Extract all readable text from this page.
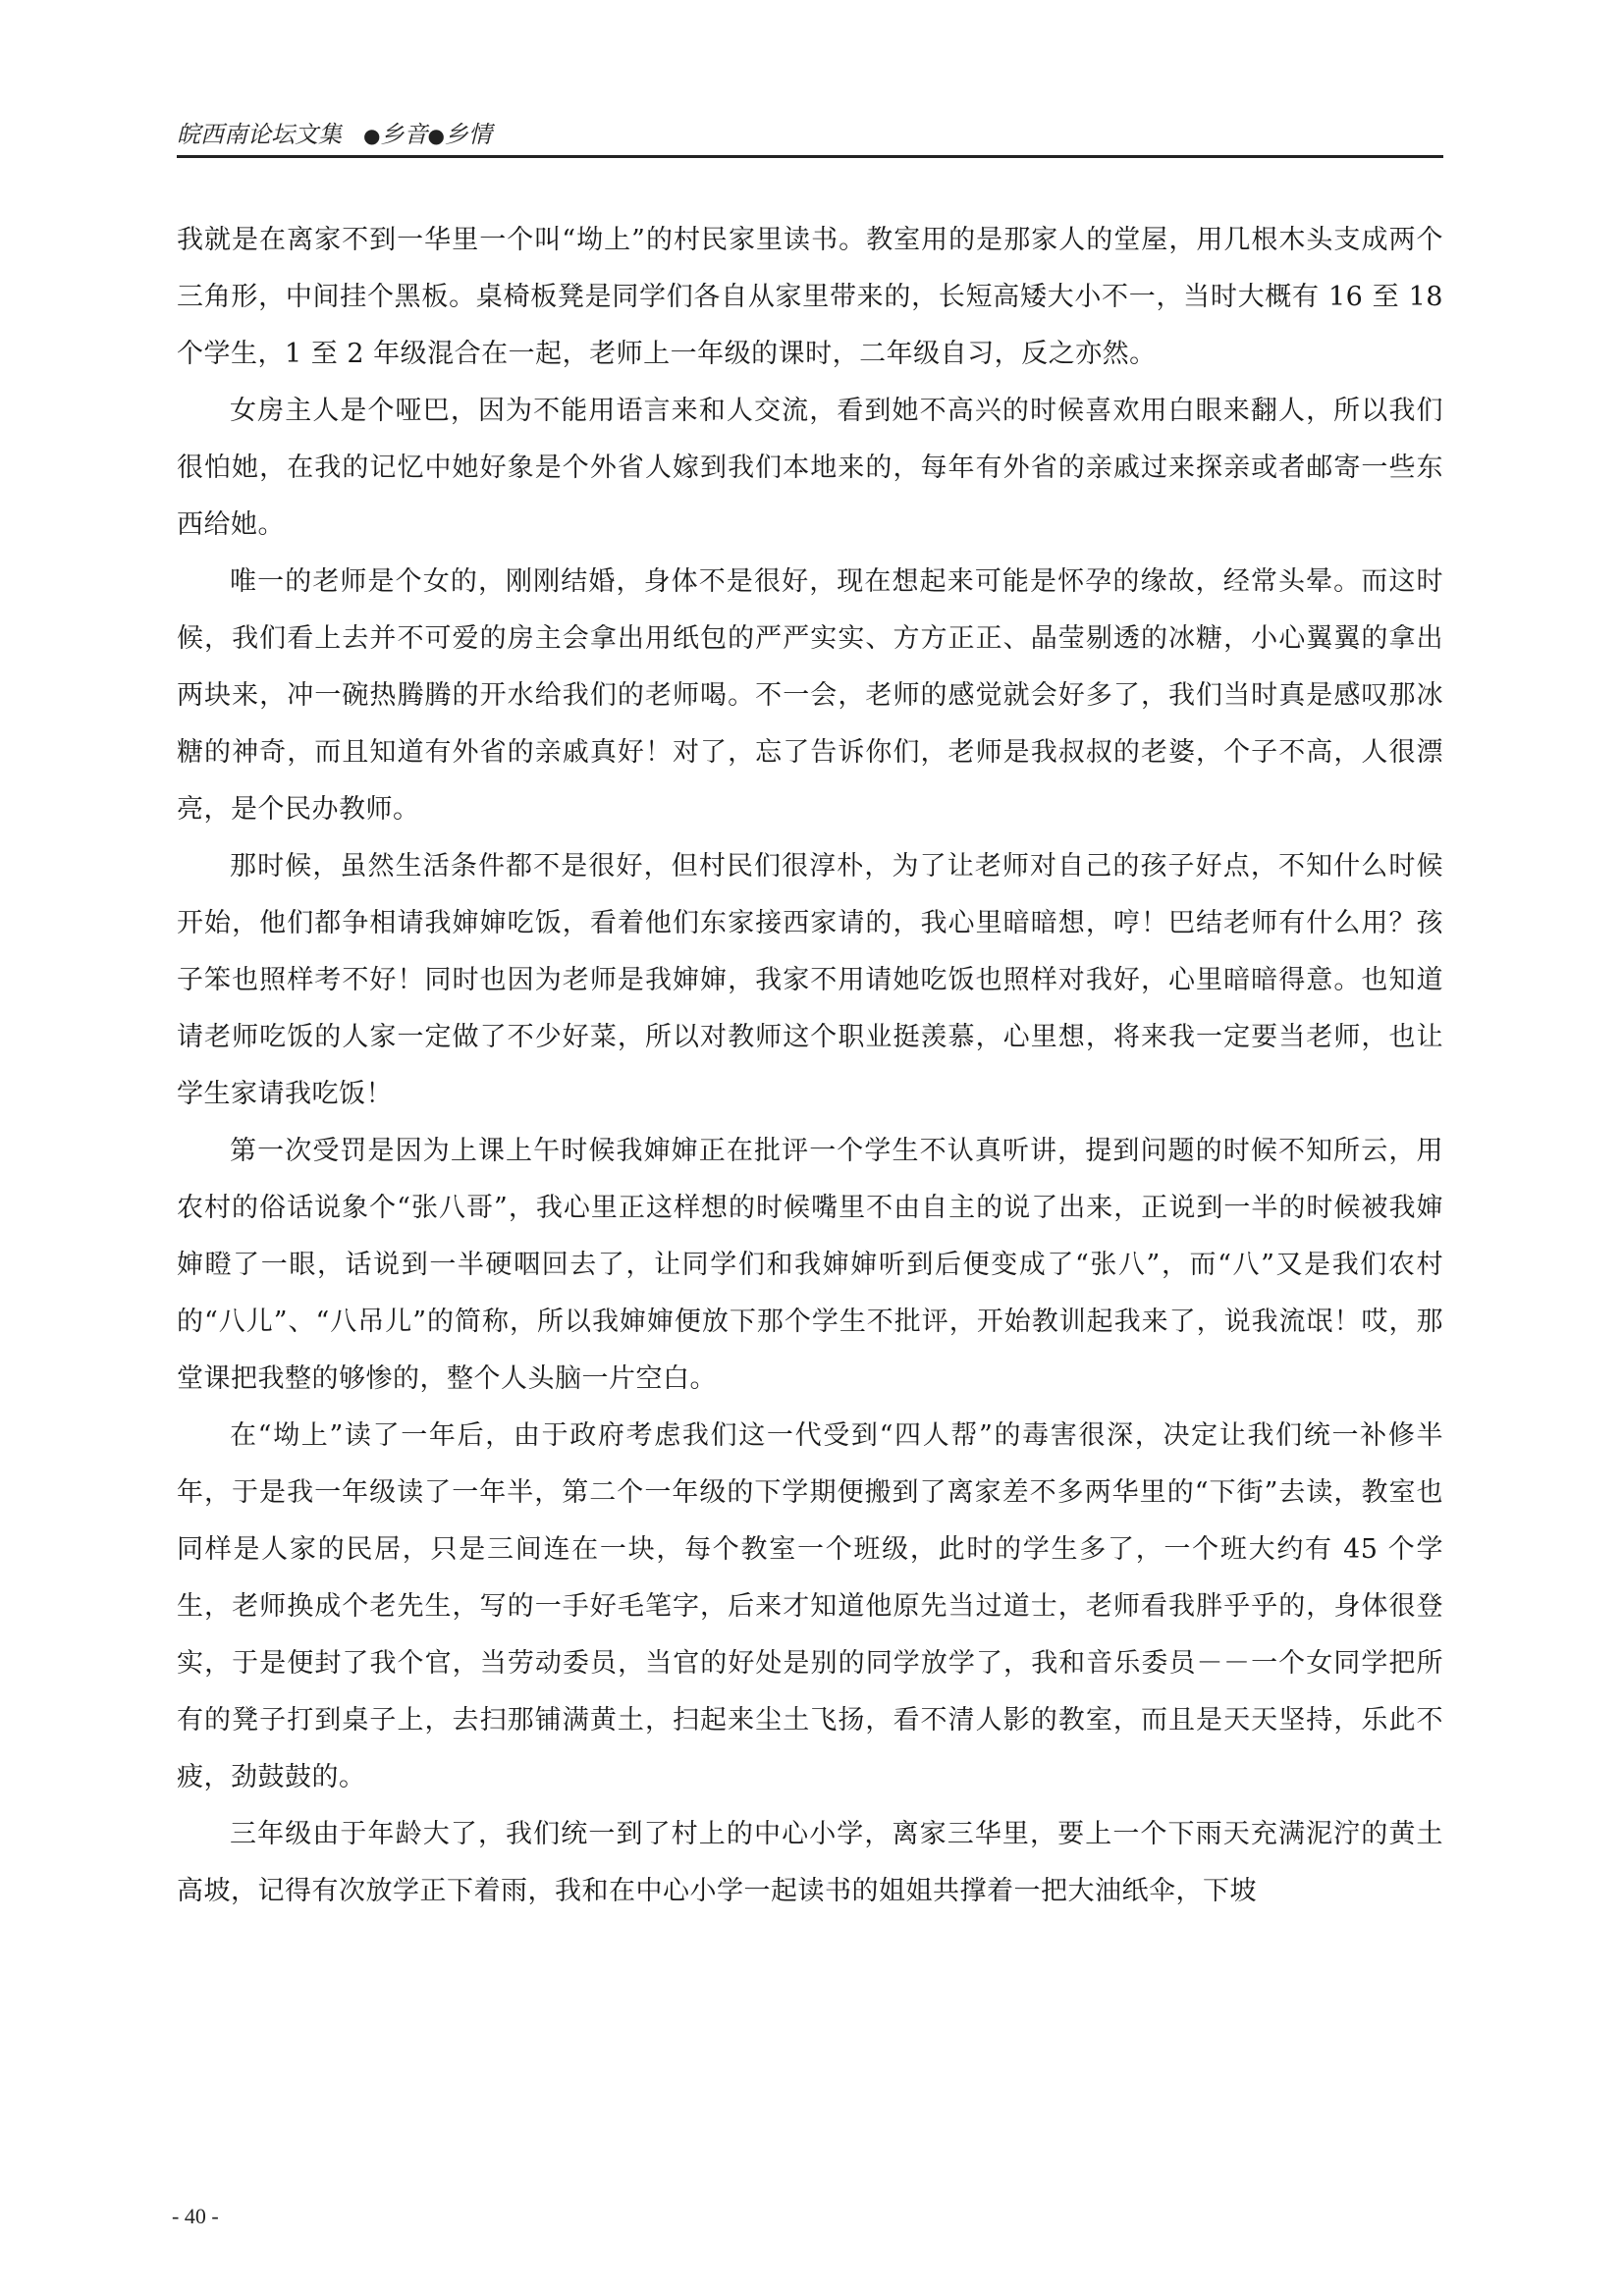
皖西南论坛文集 ●乡音●乡情

我就是在离家不到一华里一个叫“坳上”的村民家里读书。教室用的是那家人的堂屋，用几根木头支成两个三角形，中间挂个黑板。桌椅板凳是同学们各自从家里带来的，长短高矮大小不一，当时大概有 16 至 18 个学生，1 至 2 年级混合在一起，老师上一年级的课时，二年级自习，反之亦然。

女房主人是个哑巴，因为不能用语言来和人交流，看到她不高兴的时候喜欢用白眼来翻人，所以我们很怕她，在我的记忆中她好象是个外省人嫁到我们本地来的，每年有外省的亲戚过来探亲或者邮寄一些东西给她。

唯一的老师是个女的，刚刚结婚，身体不是很好，现在想起来可能是怀孕的缘故，经常头晕。而这时候，我们看上去并不可爱的房主会拿出用纸包的严严实实、方方正正、晶莹剔透的冰糖，小心翼翼的拿出两块来，冲一碗热腾腾的开水给我们的老师喝。不一会，老师的感觉就会好多了，我们当时真是感叹那冰糖的神奇，而且知道有外省的亲戚真好！对了，忘了告诉你们，老师是我叔叔的老婆，个子不高，人很漂亮，是个民办教师。

那时候，虽然生活条件都不是很好，但村民们很淳朴，为了让老师对自己的孩子好点，不知什么时候开始，他们都争相请我婶婶吃饭，看着他们东家接西家请的，我心里暗暗想，哼！巴结老师有什么用？孩子笨也照样考不好！同时也因为老师是我婶婶，我家不用请她吃饭也照样对我好，心里暗暗得意。也知道请老师吃饭的人家一定做了不少好菜，所以对教师这个职业挺羡慕，心里想，将来我一定要当老师，也让学生家请我吃饭！

第一次受罚是因为上课上午时候我婶婶正在批评一个学生不认真听讲，提到问题的时候不知所云，用农村的俗话说象个“张八哥”，我心里正这样想的时候嘴里不由自主的说了出来，正说到一半的时候被我婶婶瞪了一眼，话说到一半硬咽回去了，让同学们和我婶婶听到后便变成了“张八”，而“八”又是我们农村的“八儿”、“八吊儿”的简称，所以我婶婶便放下那个学生不批评，开始教训起我来了，说我流氓！哎，那堂课把我整的够惨的，整个人头脑一片空白。

在“坳上”读了一年后，由于政府考虑我们这一代受到“四人帮”的毒害很深，决定让我们统一补修半年，于是我一年级读了一年半，第二个一年级的下学期便搬到了离家差不多两华里的“下街”去读，教室也同样是人家的民居，只是三间连在一块，每个教室一个班级，此时的学生多了，一个班大约有 45 个学生，老师换成个老先生，写的一手好毛笔字，后来才知道他原先当过道士，老师看我胖乎乎的，身体很登实，于是便封了我个官，当劳动委员，当官的好处是别的同学放学了，我和音乐委员－－一个女同学把所有的凳子打到桌子上，去扫那铺满黄土，扫起来尘土飞扬，看不清人影的教室，而且是天天坚持，乐此不疲，劲鼓鼓的。

三年级由于年龄大了，我们统一到了村上的中心小学，离家三华里，要上一个下雨天充满泥泞的黄土高坡，记得有次放学正下着雨，我和在中心小学一起读书的姐姐共撑着一把大油纸伞，下坡

- 40 -
